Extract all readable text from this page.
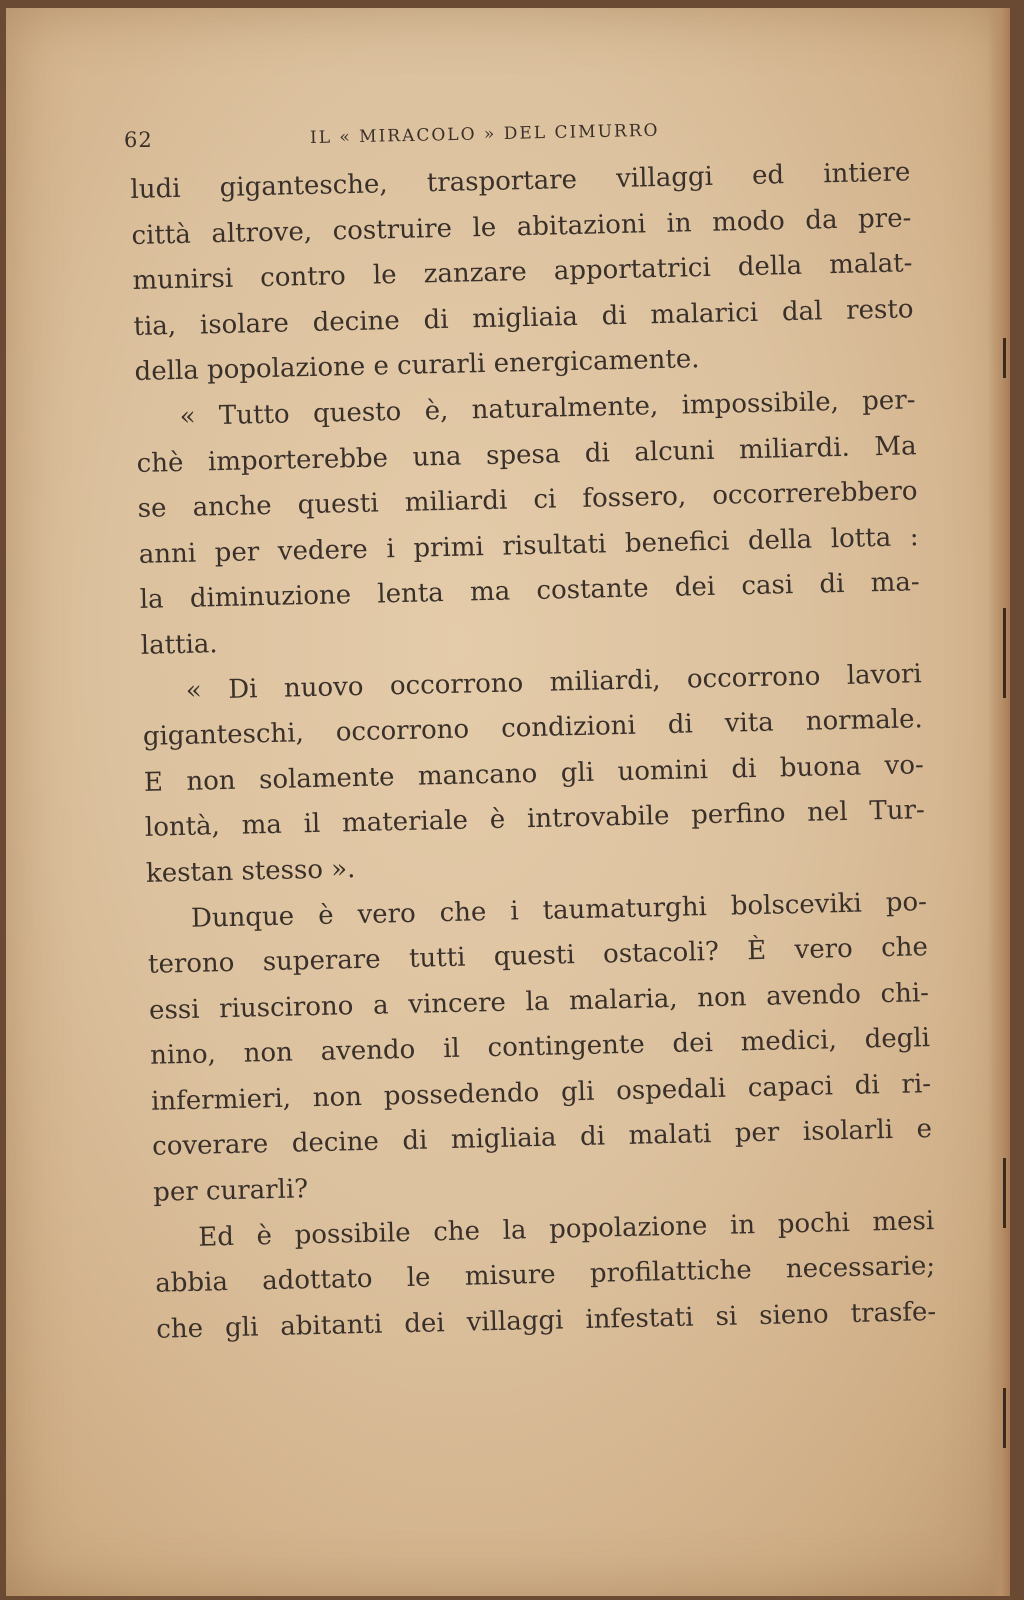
62	IL « MIRACOLO » DEL CIMURRO
ludi gigantesche, trasportare villaggi ed intiere
città altrove, costruire le abitazioni in modo da pre-
munirsi contro le zanzare apportatrici della malat-
tia, isolare decine di migliaia di malarici dal resto
della popolazione e curarli energicamente.
« Tutto questo è, naturalmente, impossibile, per-
chè importerebbe una spesa di alcuni miliardi. Ma
se anche questi miliardi ci fossero, occorrerebbero
anni per vedere i primi risultati benefici della lotta :
la diminuzione lenta ma costante dei casi di ma-
lattia.
« Di nuovo occorrono miliardi, occorrono lavori
giganteschi, occorrono condizioni di vita normale.
E non solamente mancano gli uomini di buona vo-
lontà, ma il materiale è introvabile perfino nel Tur-
kestan stesso ».
Dunque è vero che i taumaturghi bolsceviki po-
terono superare tutti questi ostacoli? È vero che
essi riuscirono a vincere la malaria, non avendo chi-
nino, non avendo il contingente dei medici, degli
infermieri, non possedendo gli ospedali capaci di ri-
coverare decine di migliaia di malati per isolarli e
per curarli?
Ed è possibile che la popolazione in pochi mesi
abbia adottato le misure profilattiche necessarie;
che gli abitanti dei villaggi infestati si sieno trasfe-
